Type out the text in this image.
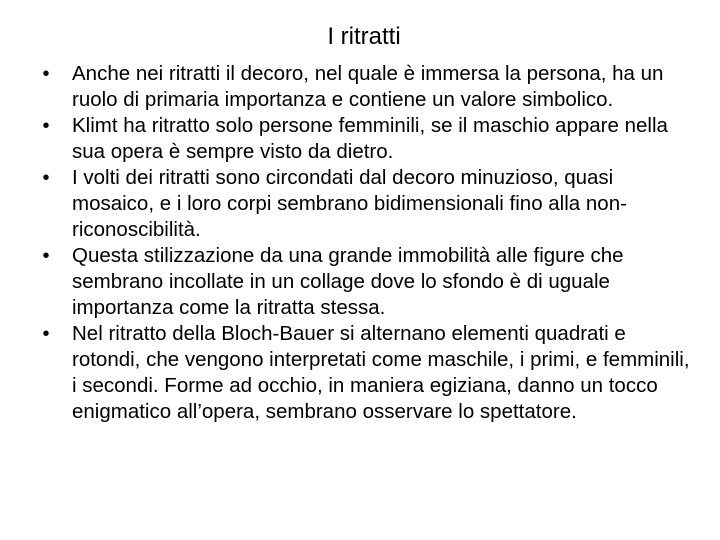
I ritratti
• Anche nei ritratti il decoro, nel quale è immersa la persona, ha un ruolo di primaria importanza e contiene un valore simbolico.
• Klimt ha ritratto solo persone femminili, se il maschio appare nella sua opera è sempre visto da dietro.
• I volti dei ritratti sono circondati dal decoro minuzioso, quasi mosaico, e i loro corpi sembrano bidimensionali fino alla non-riconoscibilità.
• Questa stilizzazione da una grande immobilità alle figure che sembrano incollate in un collage dove lo sfondo è di uguale importanza come la ritratta stessa.
• Nel ritratto della Bloch-Bauer si alternano elementi quadrati e rotondi, che vengono interpretati come maschile, i primi, e femminili, i secondi. Forme ad occhio, in maniera egiziana, danno un tocco enigmatico all’opera, sembrano osservare lo spettatore.
